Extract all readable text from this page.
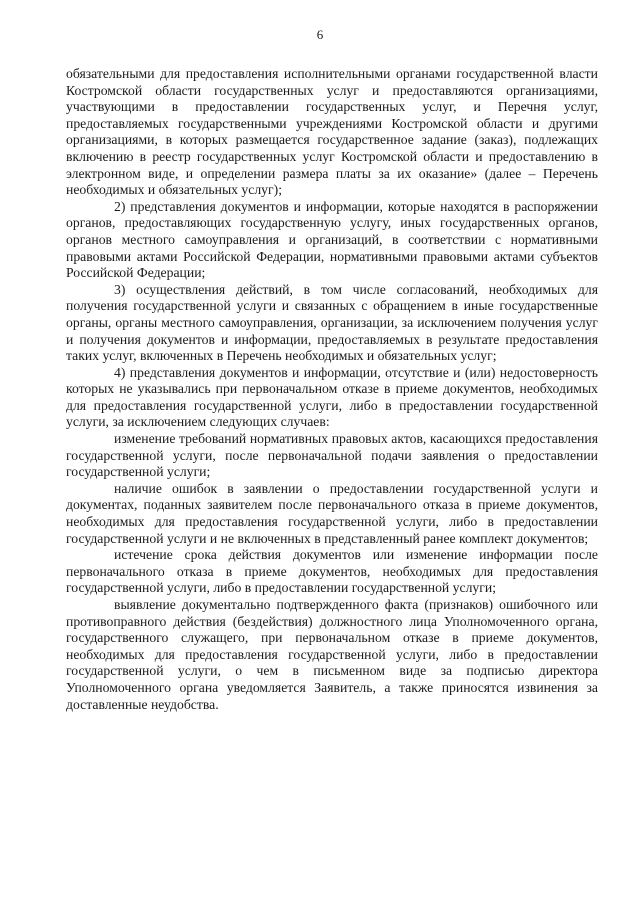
6

обязательными для предоставления исполнительными органами государственной власти Костромской области государственных услуг и предоставляются организациями, участвующими в предоставлении государственных услуг, и Перечня услуг, предоставляемых государственными учреждениями Костромской области и другими организациями, в которых размещается государственное задание (заказ), подлежащих включению в реестр государственных услуг Костромской области и предоставлению в электронном виде, и определении размера платы за их оказание» (далее – Перечень необходимых и обязательных услуг);

2) представления документов и информации, которые находятся в распоряжении органов, предоставляющих государственную услугу, иных государственных органов, органов местного самоуправления и организаций, в соответствии с нормативными правовыми актами Российской Федерации, нормативными правовыми актами субъектов Российской Федерации;

3) осуществления действий, в том числе согласований, необходимых для получения государственной услуги и связанных с обращением в иные государственные органы, органы местного самоуправления, организации, за исключением получения услуг и получения документов и информации, предоставляемых в результате предоставления таких услуг, включенных в Перечень необходимых и обязательных услуг;

4) представления документов и информации, отсутствие и (или) недостоверность которых не указывались при первоначальном отказе в приеме документов, необходимых для предоставления государственной услуги, либо в предоставлении государственной услуги, за исключением следующих случаев:

изменение требований нормативных правовых актов, касающихся предоставления государственной услуги, после первоначальной подачи заявления о предоставлении государственной услуги;

наличие ошибок в заявлении о предоставлении государственной услуги и документах, поданных заявителем после первоначального отказа в приеме документов, необходимых для предоставления государственной услуги, либо в предоставлении государственной услуги и не включенных в представленный ранее комплект документов;

истечение срока действия документов или изменение информации после первоначального отказа в приеме документов, необходимых для предоставления государственной услуги, либо в предоставлении государственной услуги;

выявление документально подтвержденного факта (признаков) ошибочного или противоправного действия (бездействия) должностного лица Уполномоченного органа, государственного служащего, при первоначальном отказе в приеме документов, необходимых для предоставления государственной услуги, либо в предоставлении государственной услуги, о чем в письменном виде за подписью директора Уполномоченного органа уведомляется Заявитель, а также приносятся извинения за доставленные неудобства.
